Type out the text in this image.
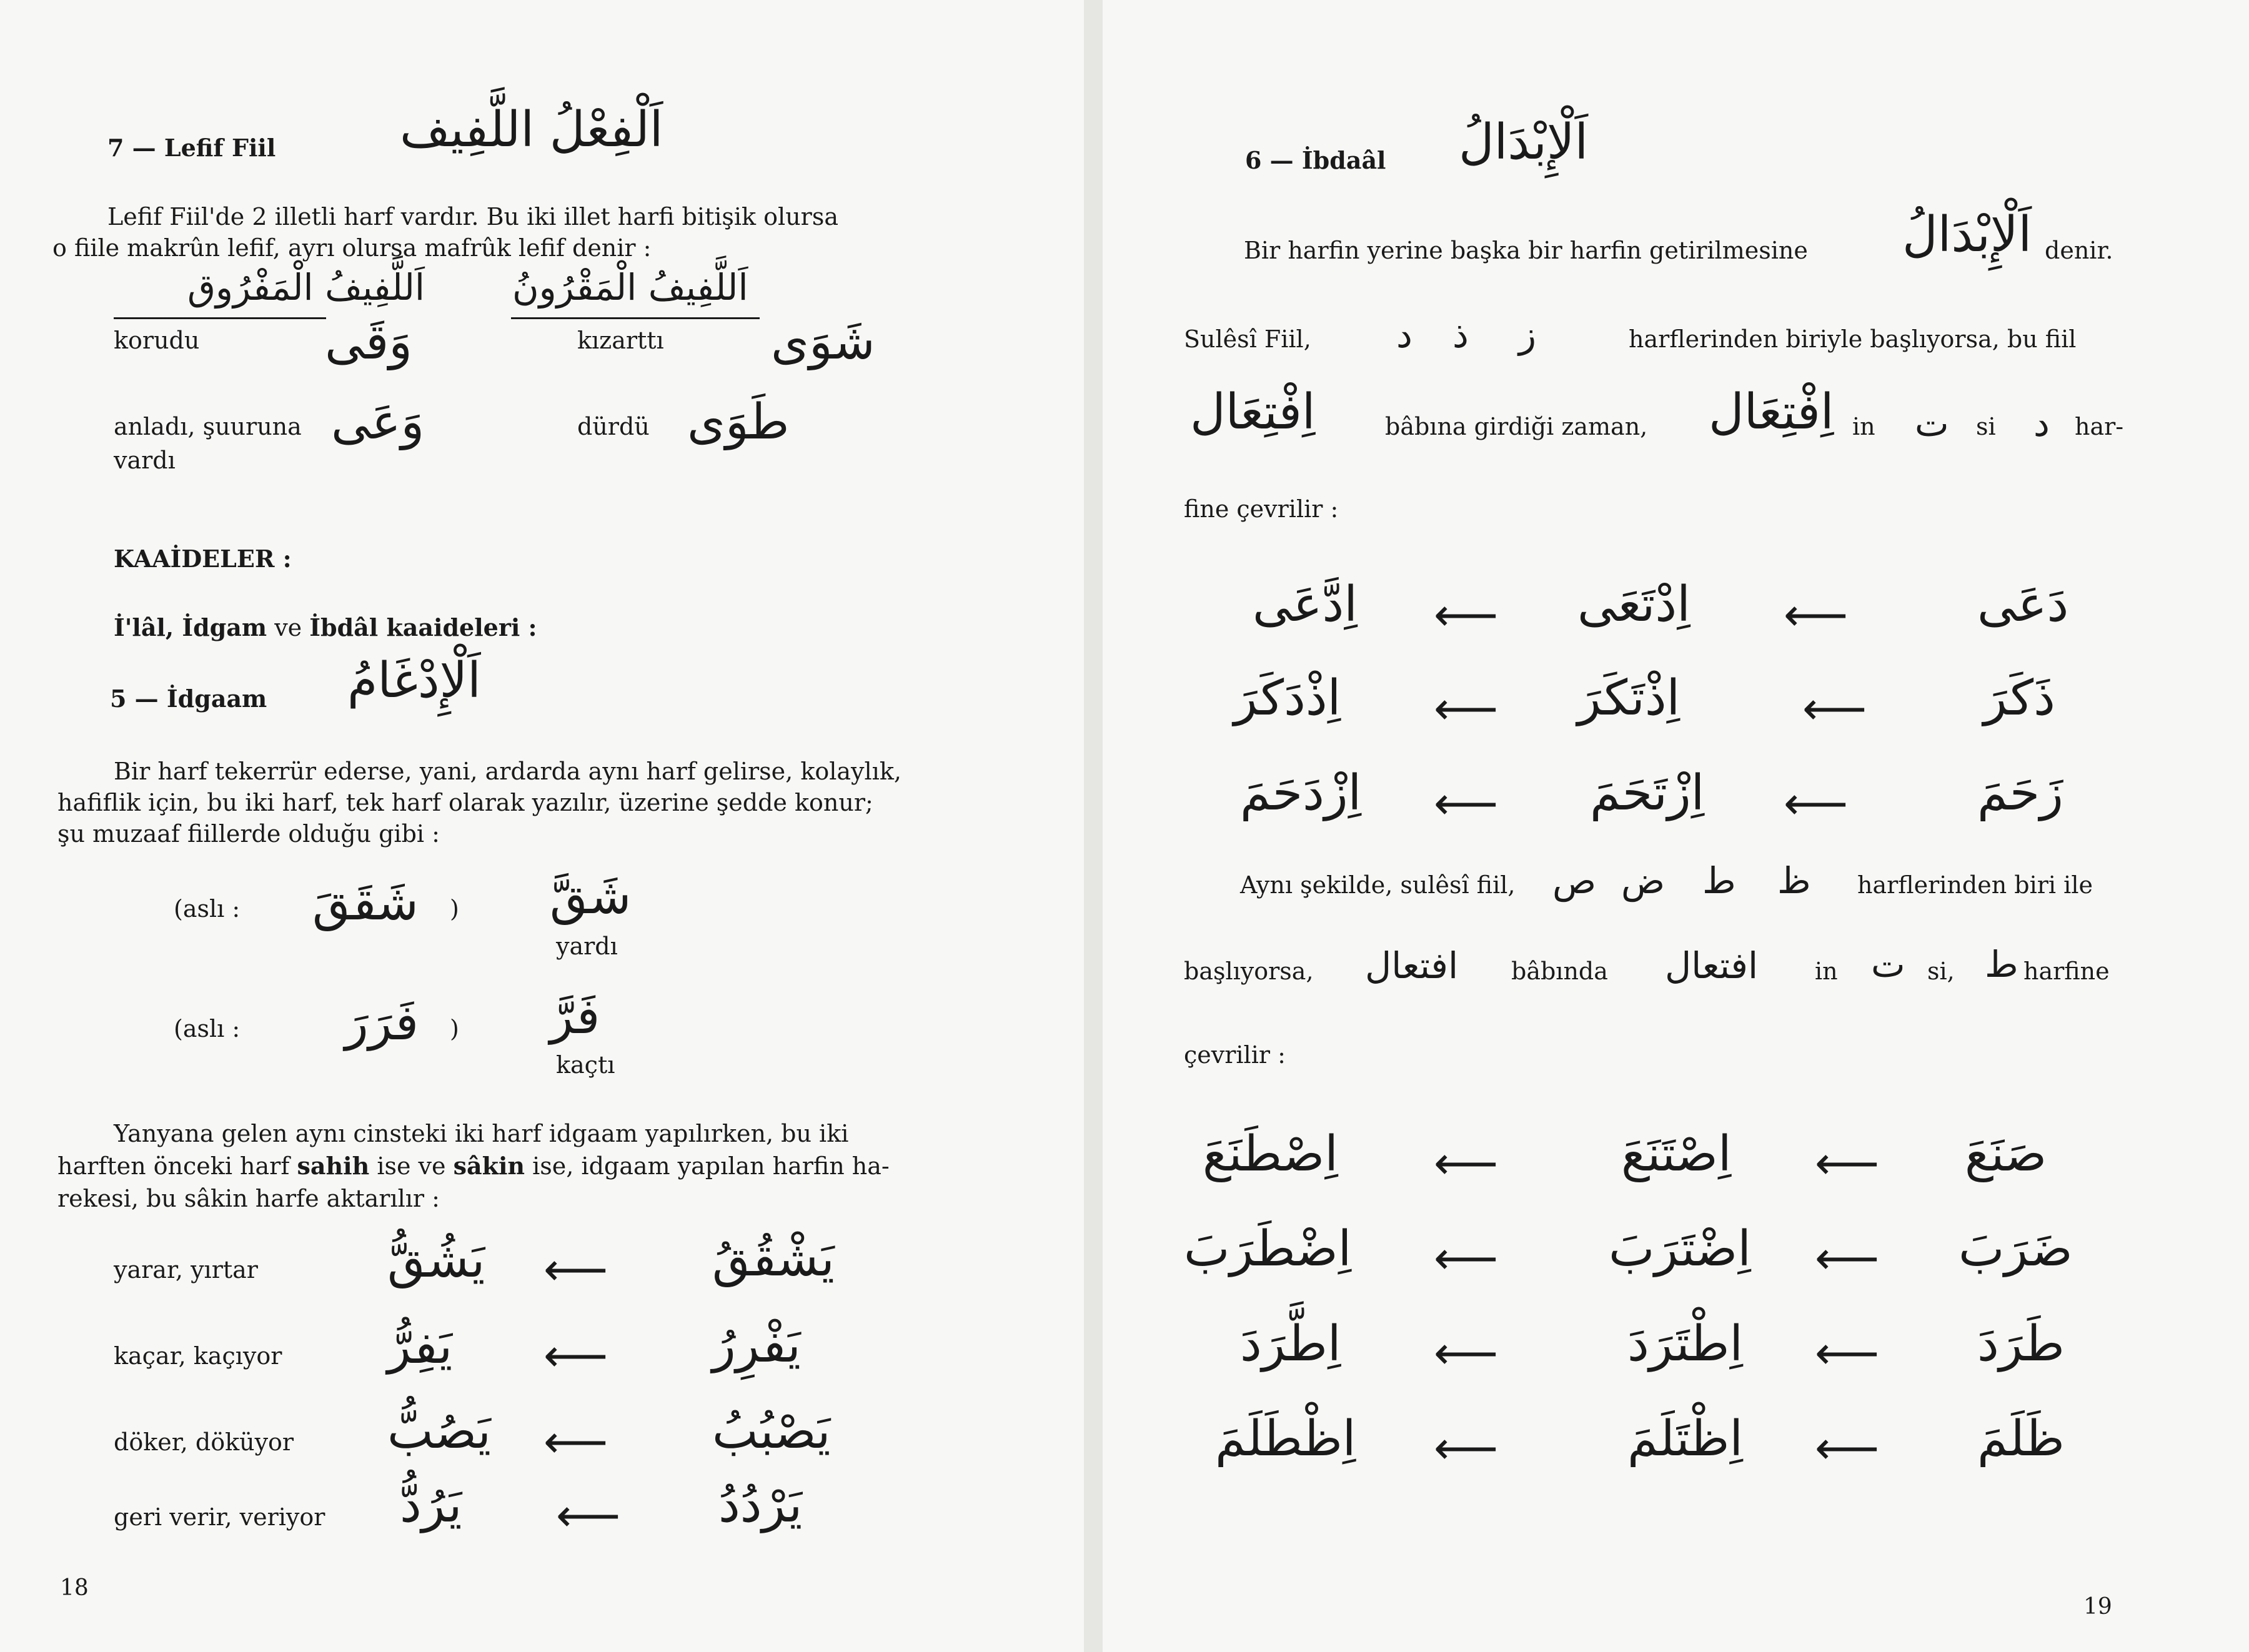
7 — Lefif Fiil	اَلْفِعْلُ اللَّفِيف
Lefif Fiil'de 2 illetli harf vardır. Bu iki illet harfi bitişik olursa
o fiile makrûn lefif, ayrı olursa mafrûk lefif denir :
اَللَّفِيفُ الْمَفْرُوق اَللَّفِيفُ الْمَقْرُونُ
korudu	وَقَى	kızarttı شَوَى
anladı, şuuruna
vardı
وَعَى	dürdü طَوَى
KAAİDELER :
İ'lâl, İdgam ve İbdâl kaaideleri :
5 — İdgaam اَلْإِدْغَامُ
Bir harf tekerrür ederse, yani, ardarda aynı harf gelirse, kolaylık,
hafiflik için, bu iki harf, tek harf olarak yazılır, üzerine şedde konur;
şu muzaaf fiillerde olduğu gibi :
(aslı : شَقَقَ ) شَقَّ
yardı
(aslı : فَرَرَ ) فَرَّ
kaçtı
Yanyana gelen aynı cinsteki iki harf idgaam yapılırken, bu iki
harften önceki harf sahih ise ve sâkin ise, idgaam yapılan harfin ha-
rekesi, bu sâkin harfe aktarılır :
yarar, yırtar	يَشُقُّ ⟵ يَشْقُقُ
kaçar, kaçıyor يَفِرُّ ⟵ يَفْرِرُ
döker, döküyor يَصُبُّ ⟵ يَصْبُبُ
geri verir, veriyor يَرُدُّ ⟵ يَرْدُدُ
18
6 — İbdaâl اَلْإِبْدَالُ
Bir harfin yerine başka bir harfin getirilmesine اَلْإِبْدَالُ denir.
Sulêsî Fiil, د ذ ز	harflerinden biriyle başlıyorsa, bu fiil
اِفْتِعَال	bâbına girdiği zaman, اِفْتِعَال in ت si د har-
fine çevrilir :
اِدَّعَى ⟵ اِدْتَعَى ⟵	دَعَى
اِذْدَكَرَ ⟵ اِذْتَكَرَ	⟵ ذَكَرَ
اِزْدَحَمَ ⟵ اِزْتَحَمَ ⟵	زَحَمَ
Aynı şekilde, sulêsî fiil, ص ض ط ظ harflerinden biri ile
başlıyorsa, افتعال bâbında افتعال in ت si, ط harfine
çevrilir :
اِصْطَنَعَ ⟵	اِصْتَنَعَ ⟵ صَنَعَ
اِضْطَرَبَ ⟵ اِضْتَرَبَ ⟵ ضَرَبَ
اِطَّرَدَ ⟵	اِطْتَرَدَ ⟵ طَرَدَ
اِظْطَلَمَ ⟵	اِظْتَلَمَ ⟵ ظَلَمَ
19
